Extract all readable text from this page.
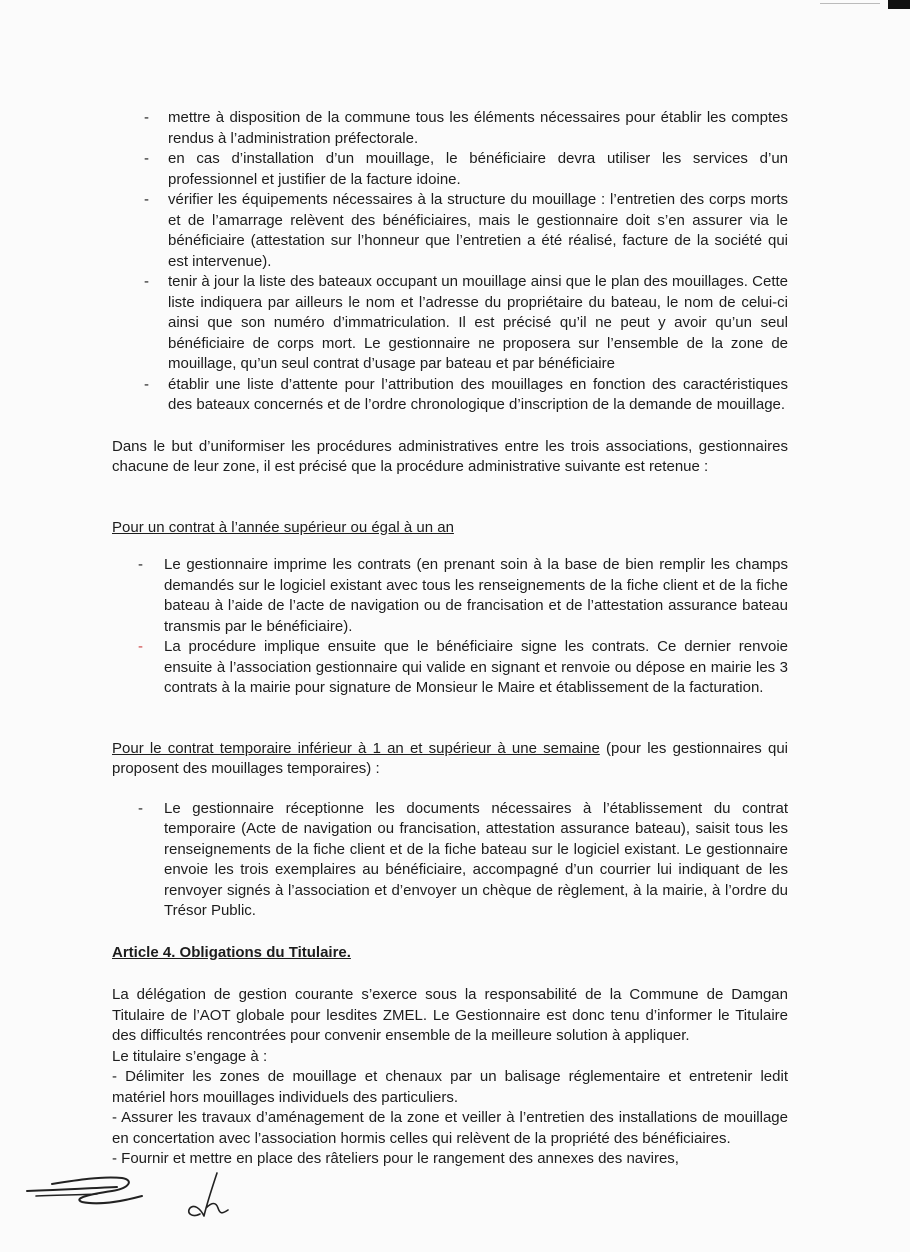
- mettre à disposition de la commune tous les éléments nécessaires pour établir les comptes rendus à l’administration préfectorale.
- en cas d’installation d’un mouillage, le bénéficiaire devra utiliser les services d’un professionnel et justifier de la facture idoine.
- vérifier les équipements nécessaires à la structure du mouillage : l’entretien des corps morts et de l’amarrage relèvent des bénéficiaires, mais le gestionnaire doit s’en assurer via le bénéficiaire (attestation sur l’honneur que l’entretien a été réalisé, facture de la société qui est intervenue).
- tenir à jour la liste des bateaux occupant un mouillage ainsi que le plan des mouillages. Cette liste indiquera par ailleurs le nom et l’adresse du propriétaire du bateau, le nom de celui-ci ainsi que son numéro d’immatriculation. Il est précisé qu’il ne peut y avoir qu’un seul bénéficiaire de corps mort. Le gestionnaire ne proposera sur l’ensemble de la zone de mouillage, qu’un seul contrat d’usage par bateau et par bénéficiaire
- établir une liste d’attente pour l’attribution des mouillages en fonction des caractéristiques des bateaux concernés et de l’ordre chronologique d’inscription de la demande de mouillage.

Dans le but d’uniformiser les procédures administratives entre les trois associations, gestionnaires chacune de leur zone, il est précisé que la procédure administrative suivante est retenue :

Pour un contrat à l’année supérieur ou égal à un an

- Le gestionnaire imprime les contrats (en prenant soin à la base de bien remplir les champs demandés sur le logiciel existant avec tous les renseignements de la fiche client et de la fiche bateau à l’aide de l’acte de navigation ou de francisation et de l’attestation assurance bateau transmis par le bénéficiaire).
- La procédure implique ensuite que le bénéficiaire signe les contrats. Ce dernier renvoie ensuite à l’association gestionnaire qui valide en signant et renvoie ou dépose en mairie les 3 contrats à la mairie pour signature de Monsieur le Maire et établissement de la facturation.

Pour le contrat temporaire inférieur à 1 an et supérieur à une semaine (pour les gestionnaires qui proposent des mouillages temporaires) :

- Le gestionnaire réceptionne les documents nécessaires à l’établissement du contrat temporaire (Acte de navigation ou francisation, attestation assurance bateau), saisit tous les renseignements de la fiche client et de la fiche bateau sur le logiciel existant. Le gestionnaire envoie les trois exemplaires au bénéficiaire, accompagné d’un courrier lui indiquant de les renvoyer signés à l’association et d’envoyer un chèque de règlement, à la mairie, à l’ordre du Trésor Public.

Article 4. Obligations du Titulaire.

La délégation de gestion courante s’exerce sous la responsabilité de la Commune de Damgan Titulaire de l’AOT globale pour lesdites ZMEL. Le Gestionnaire est donc tenu d’informer le Titulaire des difficultés rencontrées pour convenir ensemble de la meilleure solution à appliquer.

Le titulaire s’engage à :

- Délimiter les zones de mouillage et chenaux par un balisage réglementaire et entretenir ledit matériel hors mouillages individuels des particuliers.

- Assurer les travaux d’aménagement de la zone et veiller à l’entretien des installations de mouillage en concertation avec l’association hormis celles qui relèvent de la propriété des bénéficiaires.

- Fournir et mettre en place des râteliers pour le rangement des annexes des navires,
